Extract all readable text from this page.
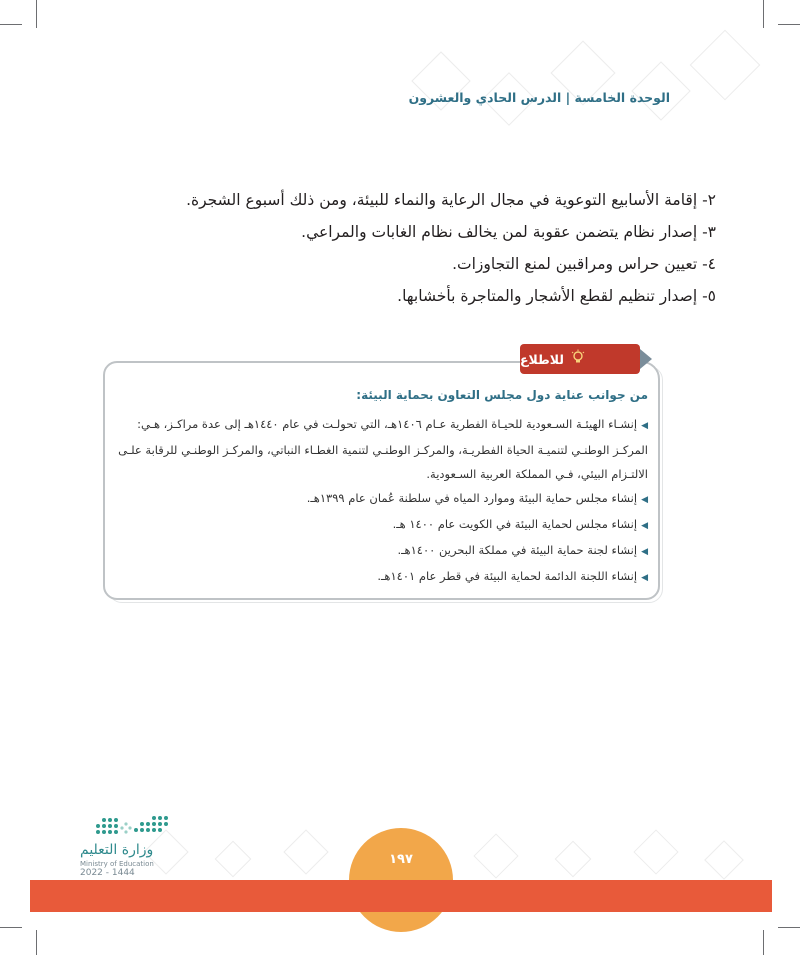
الوحدة الخامسة | الدرس الحادي والعشرون
٢- إقامة الأسابيع التوعوية في مجال الرعاية والنماء للبيئة، ومن ذلك أسبوع الشجرة.
٣- إصدار نظام يتضمن عقوبة لمن يخالف نظام الغابات والمراعي.
٤- تعيين حراس ومراقبين لمنع التجاوزات.
٥- إصدار تنظيم لقطع الأشجار والمتاجرة بأخشابها.
للاطلاع

من جوانب عناية دول مجلس التعاون بحماية البيئة:

◀إنشـاء الهيئـة السـعودية للحيـاة الفطرية عـام ١٤٠٦هـ، التي تحولـت في عام ١٤٤٠هـ إلى عدة مراكـز، هـي: المركـز الوطنـي لتنميـة الحياة الفطريـة، والمركـز الوطنـي لتنمية الغطـاء النباتي، والمركـز الوطنـي للرقابة علـى الالتـزام البيئي، فـي المملكة العربية السـعودية.
◀إنشاء مجلس حماية البيئة وموارد المياه في سلطنة عُمان عام ١٣٩٩هـ.
◀إنشاء مجلس لحماية البيئة في الكويت عام ١٤٠٠ هـ.
◀إنشاء لجنة حماية البيئة في مملكة البحرين ١٤٠٠هـ.
◀إنشاء اللجنة الدائمة لحماية البيئة في قطر عام ١٤٠١هـ.
وزارة التعليم
Ministry of Education
2022 - 1444
١٩٧
